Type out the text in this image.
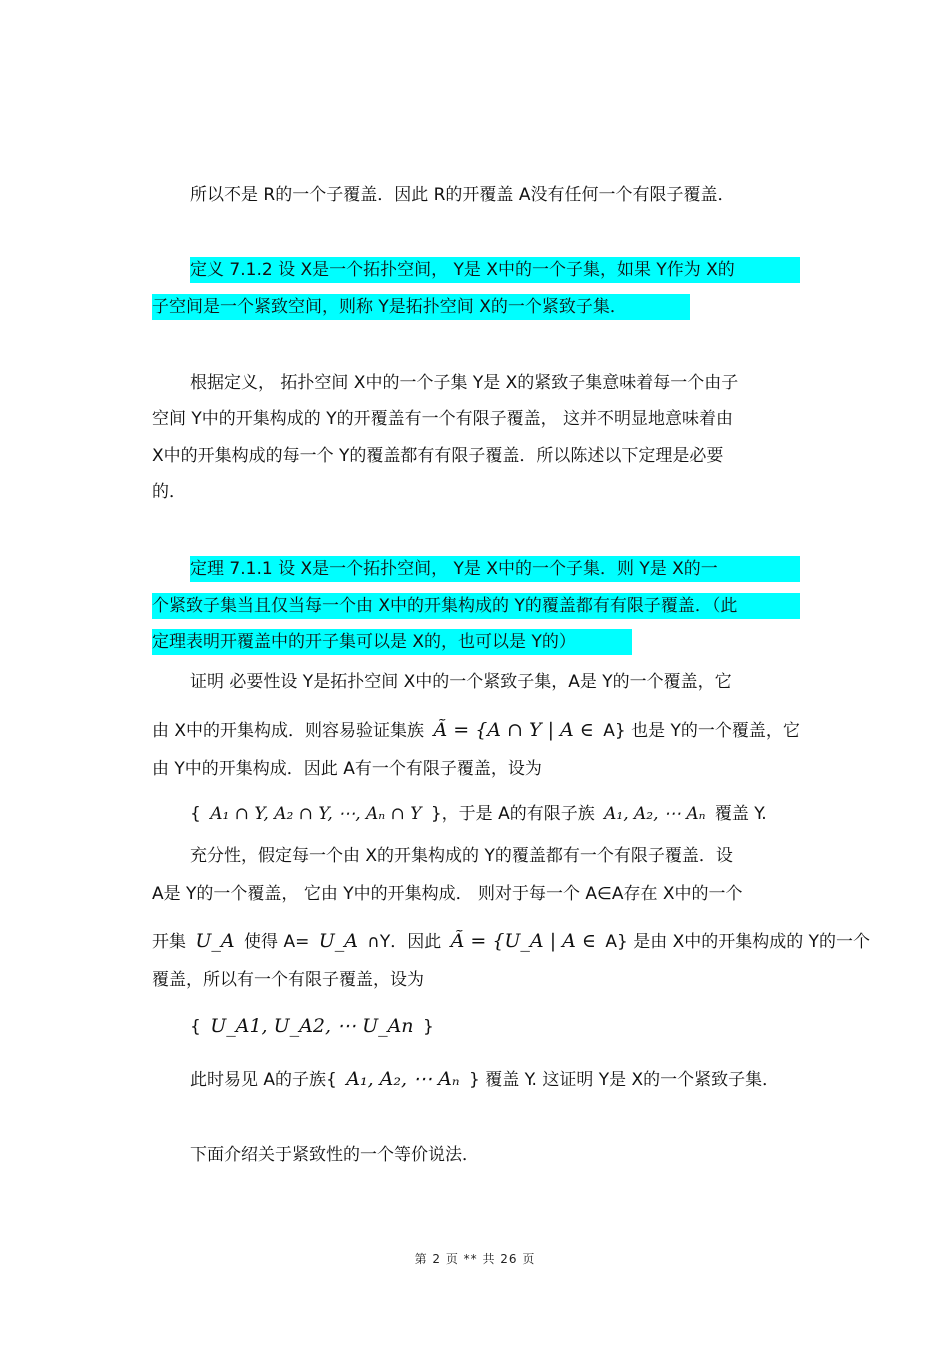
所以不是 R的一个子覆盖．因此 R的开覆盖 A没有任何一个有限子覆盖．
定义 7.1.2 设 X是一个拓扑空间， Y是 X中的一个子集，如果 Y作为 X的
子空间是一个紧致空间，则称 Y是拓扑空间 X的一个紧致子集．
根据定义， 拓扑空间 X中的一个子集 Y是 X的紧致子集意味着每一个由子
空间 Y中的开集构成的 Y的开覆盖有一个有限子覆盖， 这并不明显地意味着由
X中的开集构成的每一个 Y的覆盖都有有限子覆盖．所以陈述以下定理是必要
的．
定理 7.1.1 设 X是一个拓扑空间， Y是 X中的一个子集．则 Y是 X的一
个紧致子集当且仅当每一个由 X中的开集构成的 Y的覆盖都有有限子覆盖．（此
定理表明开覆盖中的开子集可以是 X的，也可以是 Y的）
证明 必要性设 Y是拓扑空间 X中的一个紧致子集，A是 Y的一个覆盖，它
由 X中的开集构成．则容易验证集族 Ã = {A ∩ Y | A ∈ A} 也是 Y的一个覆盖，它
由 Y中的开集构成．因此 A有一个有限子覆盖，设为
{ A₁ ∩ Y, A₂ ∩ Y, ⋯, Aₙ ∩ Y }，于是 A的有限子族 A₁, A₂, ⋯ Aₙ 覆盖 Y.
充分性，假定每一个由 X的开集构成的 Y的覆盖都有一个有限子覆盖．设
A是 Y的一个覆盖， 它由 Y中的开集构成． 则对于每一个 A∈A存在 X中的一个
开集 U_A 使得 A= U_A ∩Y．因此 Ã = {U_A | A ∈ A} 是由 X中的开集构成的 Y的一个
覆盖，所以有一个有限子覆盖，设为
{ U_A1, U_A2, ⋯ U_An }
此时易见 A的子族{ A₁, A₂, ⋯ Aₙ } 覆盖 Y. 这证明 Y是 X的一个紧致子集．
下面介绍关于紧致性的一个等价说法．
第 2 页 ** 共 26 页
